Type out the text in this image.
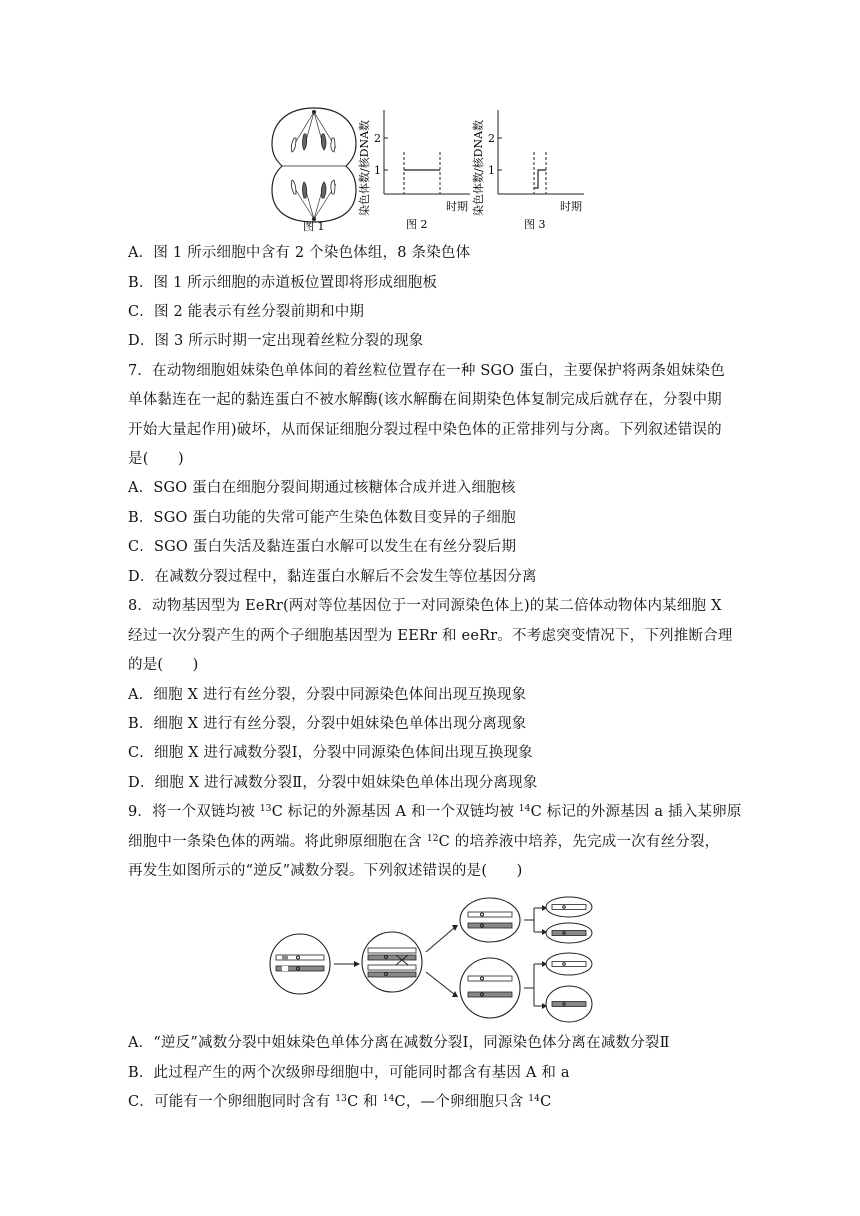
图 1
染色体数/核DNA数 2
1
时期
图 2
染色体数/核DNA数 2
1
时期
图 3
A．图 1 所示细胞中含有 2 个染色体组，8 条染色体
B．图 1 所示细胞的赤道板位置即将形成细胞板
C．图 2 能表示有丝分裂前期和中期
D．图 3 所示时期一定出现着丝粒分裂的现象
7．在动物细胞姐妹染色单体间的着丝粒位置存在一种 SGO 蛋白，主要保护将两条姐妹染色
单体黏连在一起的黏连蛋白不被水解酶(该水解酶在间期染色体复制完成后就存在，分裂中期
开始大量起作用)破坏，从而保证细胞分裂过程中染色体的正常排列与分离。下列叙述错误的
是(　　)
A．SGO 蛋白在细胞分裂间期通过核糖体合成并进入细胞核
B．SGO 蛋白功能的失常可能产生染色体数目变异的子细胞
C．SGO 蛋白失活及黏连蛋白水解可以发生在有丝分裂后期
D．在减数分裂过程中，黏连蛋白水解后不会发生等位基因分离
8．动物基因型为 EeRr(两对等位基因位于一对同源染色体上)的某二倍体动物体内某细胞 X
经过一次分裂产生的两个子细胞基因型为 EERr 和 eeRr。不考虑突变情况下，下列推断合理
的是(　　)
A．细胞 X 进行有丝分裂，分裂中同源染色体间出现互换现象
B．细胞 X 进行有丝分裂，分裂中姐妹染色单体出现分离现象
C．细胞 X 进行减数分裂Ⅰ，分裂中同源染色体间出现互换现象
D．细胞 X 进行减数分裂Ⅱ，分裂中姐妹染色单体出现分离现象
9．将一个双链均被 $^{13}$C 标记的外源基因 A 和一个双链均被 $^{14}$C 标记的外源基因 a 插入某卵原
细胞中一条染色体的两端。将此卵原细胞在含 $^{12}$C 的培养液中培养，先完成一次有丝分裂，
再发生如图所示的“逆反”减数分裂。下列叙述错误的是(　　)
A．“逆反”减数分裂中姐妹染色单体分离在减数分裂Ⅰ，同源染色体分离在减数分裂Ⅱ
B．此过程产生的两个次级卵母细胞中，可能同时都含有基因 A 和 a
C．可能有一个卵细胞同时含有 $^{13}$C 和 $^{14}$C，—个卵细胞只含 $^{14}$C
